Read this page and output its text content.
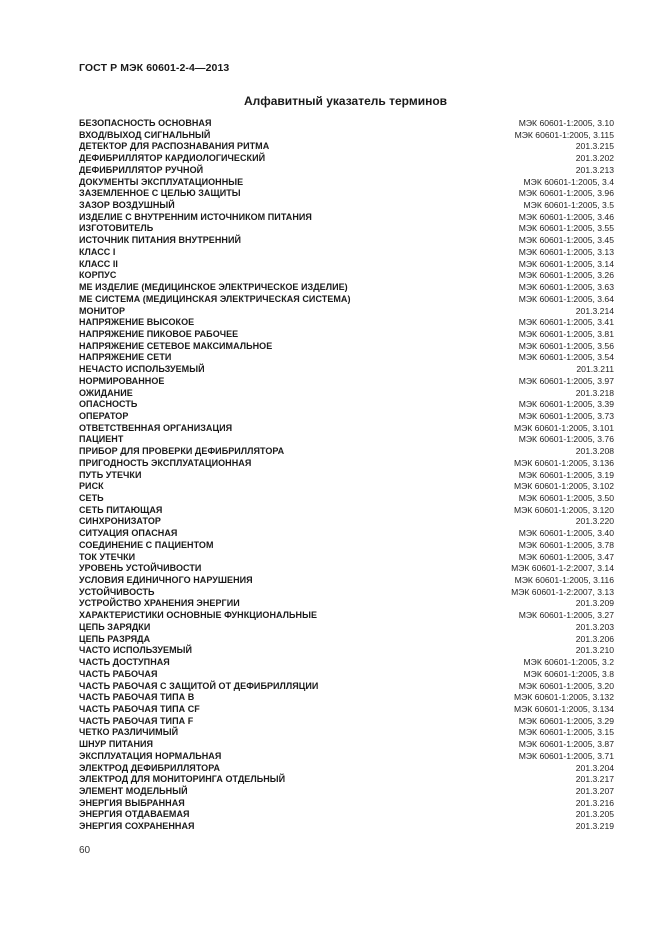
ГОСТ Р МЭК 60601-2-4—2013
Алфавитный указатель терминов
БЕЗОПАСНОСТЬ ОСНОВНАЯ	МЭК 60601-1:2005, 3.10
ВХОД/ВЫХОД СИГНАЛЬНЫЙ	МЭК 60601-1:2005, 3.115
ДЕТЕКТОР ДЛЯ РАСПОЗНАВАНИЯ РИТМА	201.3.215
ДЕФИБРИЛЛЯТОР КАРДИОЛОГИЧЕСКИЙ	201.3.202
ДЕФИБРИЛЛЯТОР РУЧНОЙ	201.3.213
ДОКУМЕНТЫ ЭКСПЛУАТАЦИОННЫЕ	МЭК 60601-1:2005, 3.4
ЗАЗЕМЛЕННОЕ С ЦЕЛЬЮ ЗАЩИТЫ	МЭК 60601-1:2005, 3.96
ЗАЗОР ВОЗДУШНЫЙ	МЭК 60601-1:2005, 3.5
ИЗДЕЛИЕ С ВНУТРЕННИМ ИСТОЧНИКОМ ПИТАНИЯ	МЭК 60601-1:2005, 3.46
ИЗГОТОВИТЕЛЬ	МЭК 60601-1:2005, 3.55
ИСТОЧНИК ПИТАНИЯ ВНУТРЕННИЙ	МЭК 60601-1:2005, 3.45
КЛАСС I	МЭК 60601-1:2005, 3.13
КЛАСС II	МЭК 60601-1:2005, 3.14
КОРПУС	МЭК 60601-1:2005, 3.26
МЕ ИЗДЕЛИЕ (МЕДИЦИНСКОЕ ЭЛЕКТРИЧЕСКОЕ ИЗДЕЛИЕ)	МЭК 60601-1:2005, 3.63
МЕ СИСТЕМА (МЕДИЦИНСКАЯ ЭЛЕКТРИЧЕСКАЯ СИСТЕМА)	МЭК 60601-1:2005, 3.64
МОНИТОР	201.3.214
НАПРЯЖЕНИЕ ВЫСОКОЕ	МЭК 60601-1:2005, 3.41
НАПРЯЖЕНИЕ ПИКОВОЕ РАБОЧЕЕ	МЭК 60601-1:2005, 3.81
НАПРЯЖЕНИЕ СЕТЕВОЕ МАКСИМАЛЬНОЕ	МЭК 60601-1:2005, 3.56
НАПРЯЖЕНИЕ СЕТИ	МЭК 60601-1:2005, 3.54
НЕЧАСТО ИСПОЛЬЗУЕМЫЙ	201.3.211
НОРМИРОВАННОЕ	МЭК 60601-1:2005, 3.97
ОЖИДАНИЕ	201.3.218
ОПАСНОСТЬ	МЭК 60601-1:2005, 3.39
ОПЕРАТОР	МЭК 60601-1:2005, 3.73
ОТВЕТСТВЕННАЯ ОРГАНИЗАЦИЯ	МЭК 60601-1:2005, 3.101
ПАЦИЕНТ	МЭК 60601-1:2005, 3.76
ПРИБОР ДЛЯ ПРОВЕРКИ ДЕФИБРИЛЛЯТОРА	201.3.208
ПРИГОДНОСТЬ ЭКСПЛУАТАЦИОННАЯ	МЭК 60601-1:2005, 3.136
ПУТЬ УТЕЧКИ	МЭК 60601-1:2005, 3.19
РИСК	МЭК 60601-1:2005, 3.102
СЕТЬ	МЭК 60601-1:2005, 3.50
СЕТЬ ПИТАЮЩАЯ	МЭК 60601-1:2005, 3.120
СИНХРОНИЗАТОР	201.3.220
СИТУАЦИЯ ОПАСНАЯ	МЭК 60601-1:2005, 3.40
СОЕДИНЕНИЕ С ПАЦИЕНТОМ	МЭК 60601-1:2005, 3.78
ТОК УТЕЧКИ	МЭК 60601-1:2005, 3.47
УРОВЕНЬ УСТОЙЧИВОСТИ	МЭК 60601-1-2:2007, 3.14
УСЛОВИЯ ЕДИНИЧНОГО НАРУШЕНИЯ	МЭК 60601-1:2005, 3.116
УСТОЙЧИВОСТЬ	МЭК 60601-1-2:2007, 3.13
УСТРОЙСТВО ХРАНЕНИЯ ЭНЕРГИИ	201.3.209
ХАРАКТЕРИСТИКИ ОСНОВНЫЕ ФУНКЦИОНАЛЬНЫЕ	МЭК 60601-1:2005, 3.27
ЦЕПЬ ЗАРЯДКИ	201.3.203
ЦЕПЬ РАЗРЯДА	201.3.206
ЧАСТО ИСПОЛЬЗУЕМЫЙ	201.3.210
ЧАСТЬ ДОСТУПНАЯ	МЭК 60601-1:2005, 3.2
ЧАСТЬ РАБОЧАЯ	МЭК 60601-1:2005, 3.8
ЧАСТЬ РАБОЧАЯ С ЗАЩИТОЙ ОТ ДЕФИБРИЛЛЯЦИИ	МЭК 60601-1:2005, 3.20
ЧАСТЬ РАБОЧАЯ ТИПА B	МЭК 60601-1:2005, 3.132
ЧАСТЬ РАБОЧАЯ ТИПА CF	МЭК 60601-1:2005, 3.134
ЧАСТЬ РАБОЧАЯ ТИПА F	МЭК 60601-1:2005, 3.29
ЧЕТКО РАЗЛИЧИМЫЙ	МЭК 60601-1:2005, 3.15
ШНУР ПИТАНИЯ	МЭК 60601-1:2005, 3.87
ЭКСПЛУАТАЦИЯ НОРМАЛЬНАЯ	МЭК 60601-1:2005, 3.71
ЭЛЕКТРОД ДЕФИБРИЛЛЯТОРА	201.3.204
ЭЛЕКТРОД ДЛЯ МОНИТОРИНГА ОТДЕЛЬНЫЙ	201.3.217
ЭЛЕМЕНТ МОДЕЛЬНЫЙ	201.3.207
ЭНЕРГИЯ ВЫБРАННАЯ	201.3.216
ЭНЕРГИЯ ОТДАВАЕМАЯ	201.3.205
ЭНЕРГИЯ СОХРАНЕННАЯ	201.3.219
60
